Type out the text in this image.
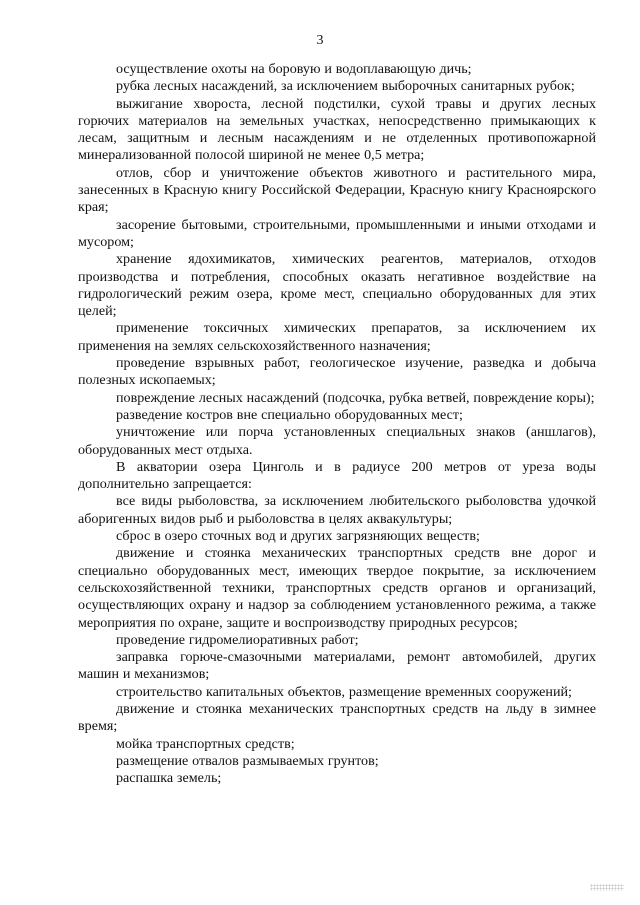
3

осуществление охоты на боровую и водоплавающую дичь;

рубка лесных насаждений, за исключением выборочных санитарных рубок;

выжигание хвороста, лесной подстилки, сухой травы и других лесных горючих материалов на земельных участках, непосредственно примыкающих к лесам, защитным и лесным насаждениям и не отделенных противопожарной минерализованной полосой шириной не менее 0,5 метра;

отлов, сбор и уничтожение объектов животного и растительного мира, занесенных в Красную книгу Российской Федерации, Красную книгу Красноярского края;

засорение бытовыми, строительными, промышленными и иными отходами и мусором;

хранение ядохимикатов, химических реагентов, материалов, отходов производства и потребления, способных оказать негативное воздействие на гидрологический режим озера, кроме мест, специально оборудованных для этих целей;

применение токсичных химических препаратов, за исключением их применения на землях сельскохозяйственного назначения;

проведение взрывных работ, геологическое изучение, разведка и добыча полезных ископаемых;

повреждение лесных насаждений (подсочка, рубка ветвей, повреждение коры);

разведение костров вне специально оборудованных мест;

уничтожение или порча установленных специальных знаков (аншлагов), оборудованных мест отдыха.

В акватории озера Цинголь и в радиусе 200 метров от уреза воды дополнительно запрещается:

все виды рыболовства, за исключением любительского рыболовства удочкой аборигенных видов рыб и рыболовства в целях аквакультуры;

сброс в озеро сточных вод и других загрязняющих веществ;

движение и стоянка механических транспортных средств вне дорог и специально оборудованных мест, имеющих твердое покрытие, за исключением сельскохозяйственной техники, транспортных средств органов и организаций, осуществляющих охрану и надзор за соблюдением установленного режима, а также мероприятия по охране, защите и воспроизводству природных ресурсов;

проведение гидромелиоративных работ;

заправка горюче-смазочными материалами, ремонт автомобилей, других машин и механизмов;

строительство капитальных объектов, размещение временных сооружений;

движение и стоянка механических транспортных средств на льду в зимнее время;

мойка транспортных средств;

размещение отвалов размываемых грунтов;

распашка земель;
